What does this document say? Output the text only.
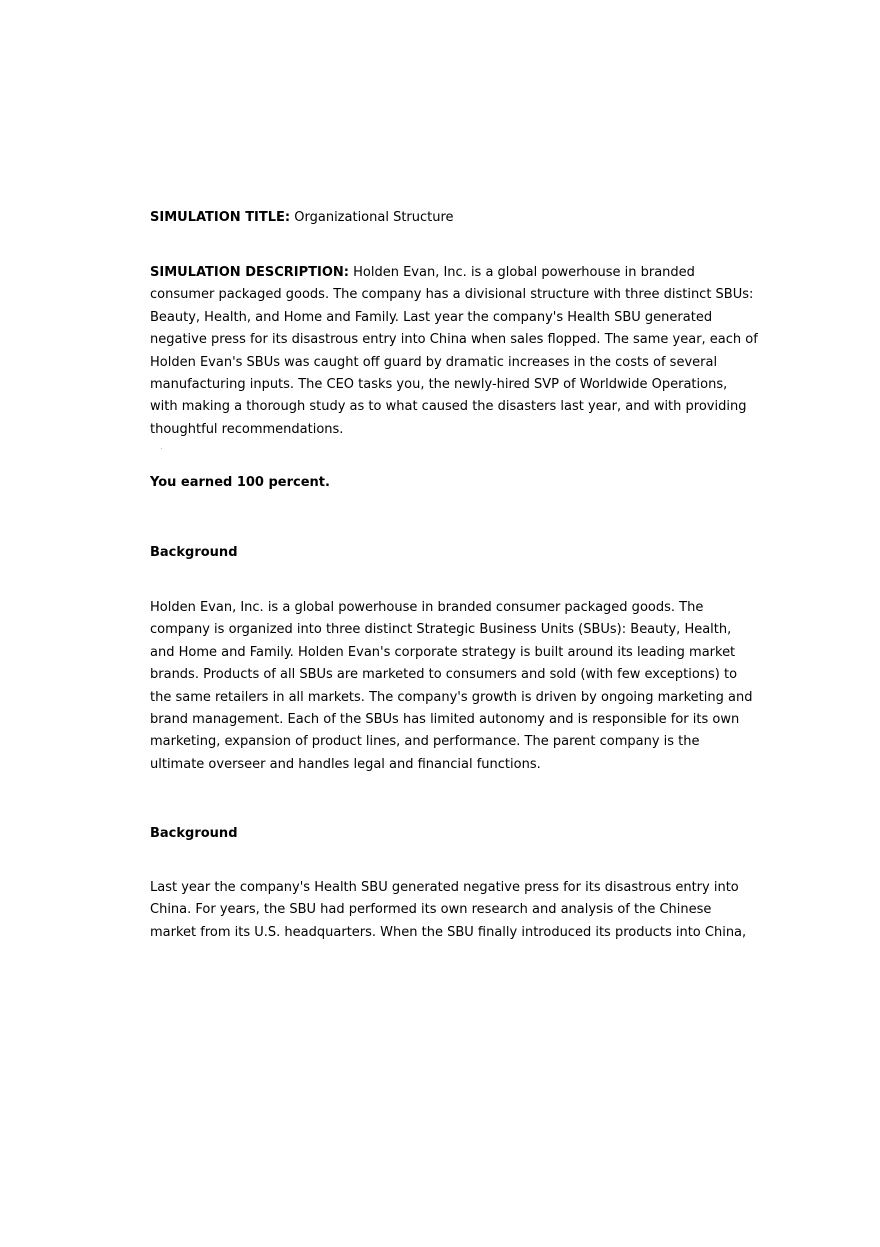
SIMULATION TITLE: Organizational Structure

SIMULATION DESCRIPTION: Holden Evan, Inc. is a global powerhouse in branded

consumer packaged goods. The company has a divisional structure with three distinct SBUs:

Beauty, Health, and Home and Family. Last year the company's Health SBU generated

negative press for its disastrous entry into China when sales flopped. The same year, each of

Holden Evan's SBUs was caught off guard by dramatic increases in the costs of several

manufacturing inputs. The CEO tasks you, the newly-hired SVP of Worldwide Operations,

with making a thorough study as to what caused the disasters last year, and with providing

thoughtful recommendations.

You earned 100 percent.

Background

Holden Evan, Inc. is a global powerhouse in branded consumer packaged goods. The

company is organized into three distinct Strategic Business Units (SBUs): Beauty, Health,

and Home and Family. Holden Evan's corporate strategy is built around its leading market

brands. Products of all SBUs are marketed to consumers and sold (with few exceptions) to

the same retailers in all markets. The company's growth is driven by ongoing marketing and

brand management. Each of the SBUs has limited autonomy and is responsible for its own

marketing, expansion of product lines, and performance. The parent company is the

ultimate overseer and handles legal and financial functions.

Background

Last year the company's Health SBU generated negative press for its disastrous entry into

China. For years, the SBU had performed its own research and analysis of the Chinese

market from its U.S. headquarters. When the SBU finally introduced its products into China,
